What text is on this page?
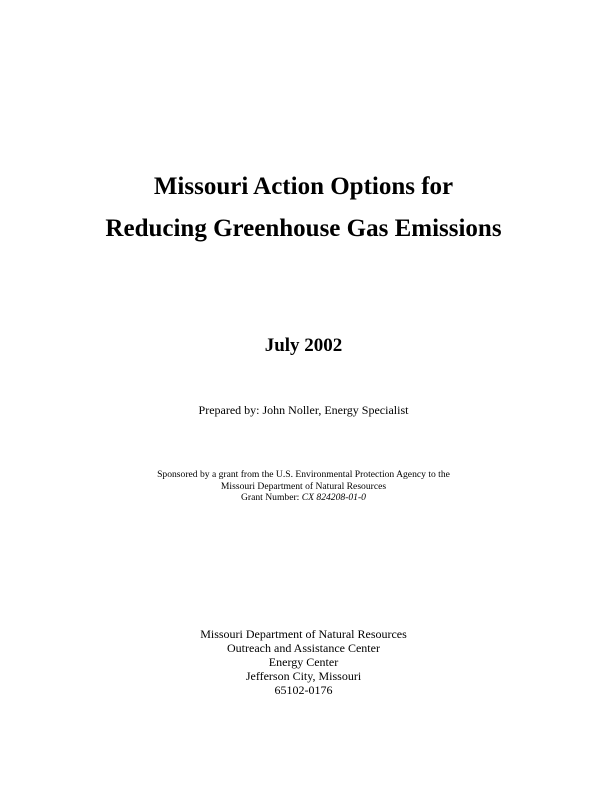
Missouri Action Options for
Reducing Greenhouse Gas Emissions
July 2002
Prepared by: John Noller, Energy Specialist
Sponsored by a grant from the U.S. Environmental Protection Agency to the
Missouri Department of Natural Resources
Grant Number: CX 824208-01-0
Missouri Department of Natural Resources
Outreach and Assistance Center
Energy Center
Jefferson City, Missouri
65102-0176
